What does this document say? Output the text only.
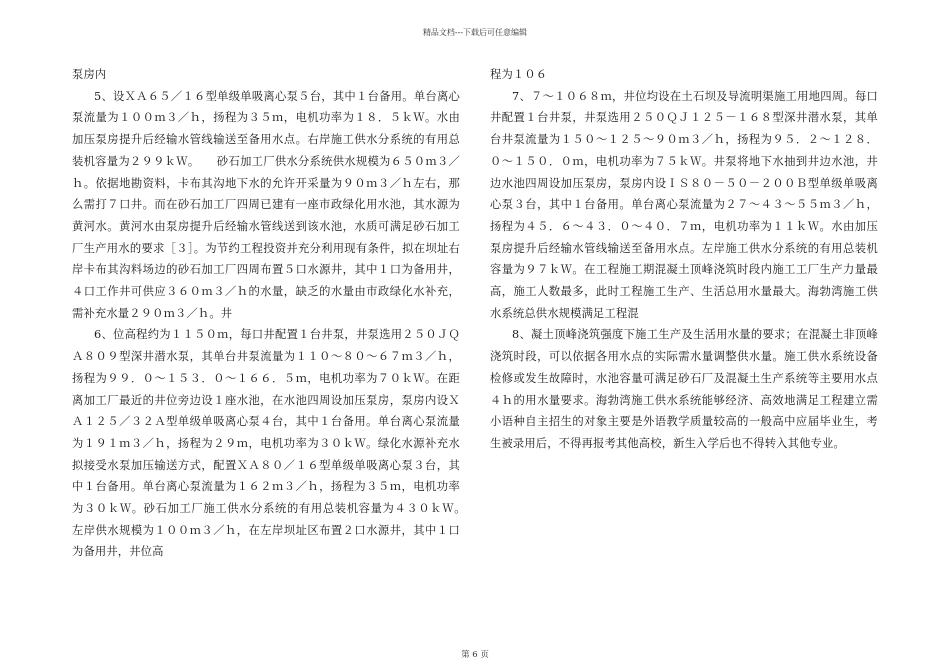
精品文档---下载后可任意编辑

泵房内

5、设ＸＡ６５／１６型单级单吸离心泵５台，其中１台备用。单台离心泵流量为１００ｍ３／ｈ，扬程为３５ｍ，电机功率为１８．５ｋＷ。水由加压泵房提升后经输水管线输送至备用水点。右岸施工供水分系统的有用总装机容量为２９９ｋＷ。　　砂石加工厂供水分系统供水规模为６５０ｍ３／ｈ。依据地勘资料，卡布其沟地下水的允许开采量为９０ｍ３／ｈ左右，那么需打７口井。而在砂石加工厂四周已建有一座市政绿化用水池，其水源为黄河水。黄河水由泵房提升后经输水管线送到该水池，水质可满足砂石加工厂生产用水的要求［３］。为节约工程投资并充分利用现有条件，拟在坝址右岸卡布其沟料场边的砂石加工厂四周布置５口水源井，其中１口为备用井，４口工作井可供应３６０ｍ３／ｈ的水量，缺乏的水量由市政绿化水补充，需补充水量２９０ｍ３／ｈ。井

6、位高程约为１１５０ｍ，每口井配置１台井泵，井泵选用２５０ＪＱＡ８０９型深井潜水泵，其单台井泵流量为１１０～８０～６７ｍ３／ｈ，扬程为９９．０～１５３．０～１６６．５ｍ，电机功率为７０ｋＷ。在距离加工厂最近的井位旁边设１座水池，在水池四周设加压泵房，泵房内设ＸＡ１２５／３２Ａ型单级单吸离心泵４台，其中１台备用。单台离心泵流量为１９１ｍ３／ｈ，扬程为２９ｍ，电机功率为３０ｋＷ。绿化水源补充水拟接受水泵加压输送方式，配置ＸＡ８０／１６型单级单吸离心泵３台，其中１台备用。单台离心泵流量为１６２ｍ３／ｈ，扬程为３５ｍ，电机功率为３０ｋＷ。砂石加工厂施工供水分系统的有用总装机容量为４３０ｋＷ。　　左岸供水规模为１００ｍ３／ｈ，在左岸坝址区布置２口水源井，其中１口为备用井，井位高

程为１０６

7、７～１０６８ｍ，井位均设在土石坝及导流明渠施工用地四周。每口井配置１台井泵，井泵选用２５０ＱＪ１２５－１６８型深井潜水泵，其单台井泵流量为１５０～１２５～９０ｍ３／ｈ，扬程为９５．２～１２８．０～１５０．０ｍ，电机功率为７５ｋＷ。井泵将地下水抽到井边水池，井边水池四周设加压泵房，泵房内设ＩＳ８０－５０－２００Ｂ型单级单吸离心泵３台，其中１台备用。单台离心泵流量为２７～４３～５５ｍ３／ｈ，扬程为４５．６～４３．０～４０．７ｍ，电机功率为１１ｋＷ。水由加压泵房提升后经输水管线输送至备用水点。左岸施工供水分系统的有用总装机容量为９７ｋＷ。在工程施工期混凝土顶峰浇筑时段内施工工厂生产力量最高，施工人数最多，此时工程施工生产、生活总用水量最大。海勃湾施工供水系统总供水规模满足工程混

8、凝土顶峰浇筑强度下施工生产及生活用水量的要求；在混凝土非顶峰浇筑时段，可以依据各用水点的实际需水量调整供水量。施工供水系统设备检修或发生故障时，水池容量可满足砂石厂及混凝土生产系统等主要用水点４ｈ的用水量要求。海勃湾施工供水系统能够经济、高效地满足工程建立需小语种自主招生的对象主要是外语教学质量较高的一般高中应届毕业生，考生被录用后，不得再报考其他高校，新生入学后也不得转入其他专业。

第 6 页
